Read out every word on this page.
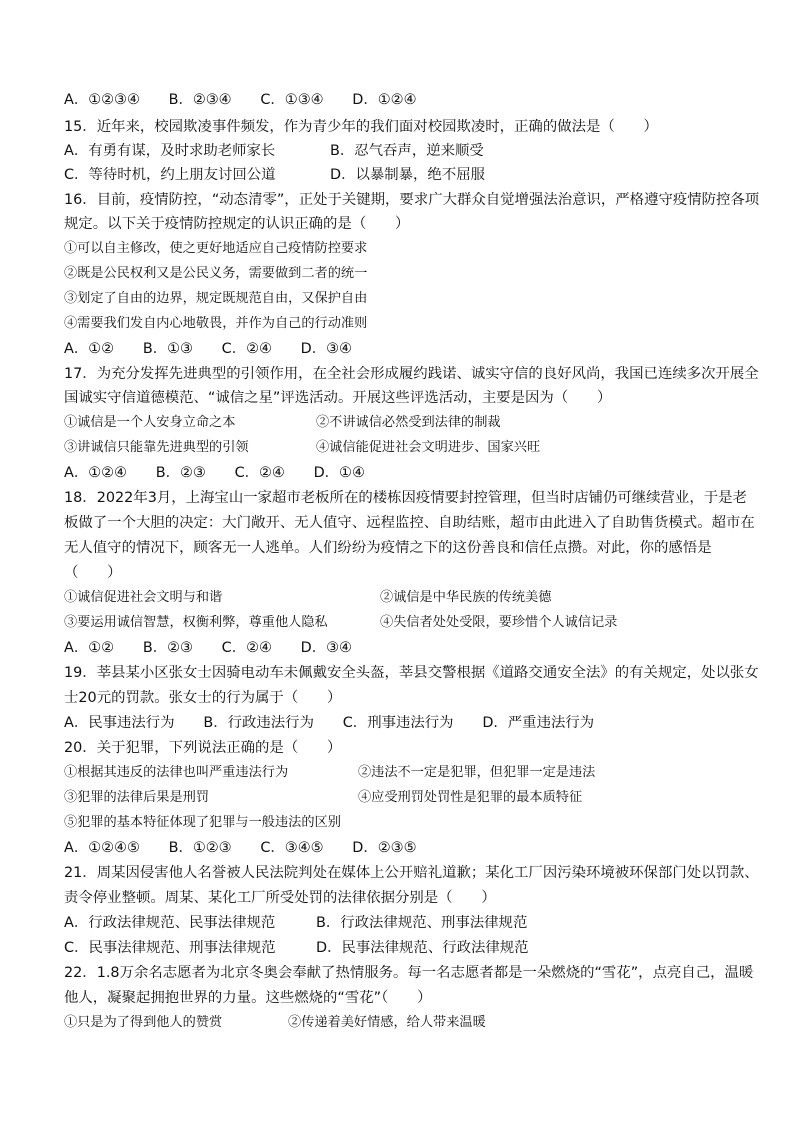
A．①②③④　　B．②③④　　C．①③④　　D．①②④
15．近年来，校园欺凌事件频发，作为青少年的我们面对校园欺凌时，正确的做法是（　　）
A．有勇有谋，及时求助老师家长	B．忍气吞声，逆来顺受
C．等待时机，约上朋友讨回公道	D．以暴制暴，绝不屈服
16．目前，疫情防控，“动态清零”，正处于关键期，要求广大群众自觉增强法治意识，严格遵守疫情防控各项
规定。以下关于疫情防控规定的认识正确的是（　　）
①可以自主修改，使之更好地适应自己疫情防控要求
②既是公民权利又是公民义务，需要做到二者的统一
③划定了自由的边界，规定既规范自由，又保护自由
④需要我们发自内心地敬畏，并作为自己的行动准则
A．①②　　B．①③　　C．②④　　D．③④
17．为充分发挥先进典型的引领作用，在全社会形成履约践诺、诚实守信的良好风尚，我国已连续多次开展全
国诚实守信道德模范、“诚信之星”评选活动。开展这些评选活动，主要是因为（　　）
①诚信是一个人安身立命之本	②不讲诚信必然受到法律的制裁
③讲诚信只能靠先进典型的引领	④诚信能促进社会文明进步、国家兴旺
A．①②④　　B．②③　　C．②④　　D．①④
18．2022年3月，上海宝山一家超市老板所在的楼栋因疫情要封控管理，但当时店铺仍可继续营业，于是老
板做了一个大胆的决定：大门敞开、无人值守、远程监控、自助结账，超市由此进入了自助售货模式。超市在
无人值守的情况下，顾客无一人逃单。人们纷纷为疫情之下的这份善良和信任点攒。对此，你的感悟是
（　　）
①诚信促进社会文明与和谐	②诚信是中华民族的传统美德
③要运用诚信智慧，权衡利弊，尊重他人隐私	④失信者处处受限，要珍惜个人诚信记录
A．①②　　B．②③　　C．②④　　D．③④
19．莘县某小区张女士因骑电动车未佩戴安全头盔，莘县交警根据《道路交通安全法》的有关规定，处以张女
士20元的罚款。张女士的行为属于（　　）
A．民事违法行为　　B．行政违法行为　　C．刑事违法行为　　D．严重违法行为
20．关于犯罪，下列说法正确的是（　　）
①根据其违反的法律也叫严重违法行为	②违法不一定是犯罪，但犯罪一定是违法
③犯罪的法律后果是刑罚	④应受刑罚处罚性是犯罪的最本质特征
⑤犯罪的基本特征体现了犯罪与一般违法的区别
A．①②④⑤　　B．①②③　　C．③④⑤　　D．②③⑤
21．周某因侵害他人名誉被人民法院判处在媒体上公开赔礼道歉；某化工厂因污染环境被环保部门处以罚款、
责令停业整顿。周某、某化工厂所受处罚的法律依据分别是（　　）
A．行政法律规范、民事法律规范	B．行政法律规范、刑事法律规范
C．民事法律规范、刑事法律规范	D．民事法律规范、行政法律规范
22．1.8万余名志愿者为北京冬奥会奉献了热情服务。每一名志愿者都是一朵燃烧的“雪花”，点亮自己，温暖
他人，凝聚起拥抱世界的力量。这些燃烧的“雪花”（　　）
①只是为了得到他人的赞赏	②传递着美好情感，给人带来温暖
